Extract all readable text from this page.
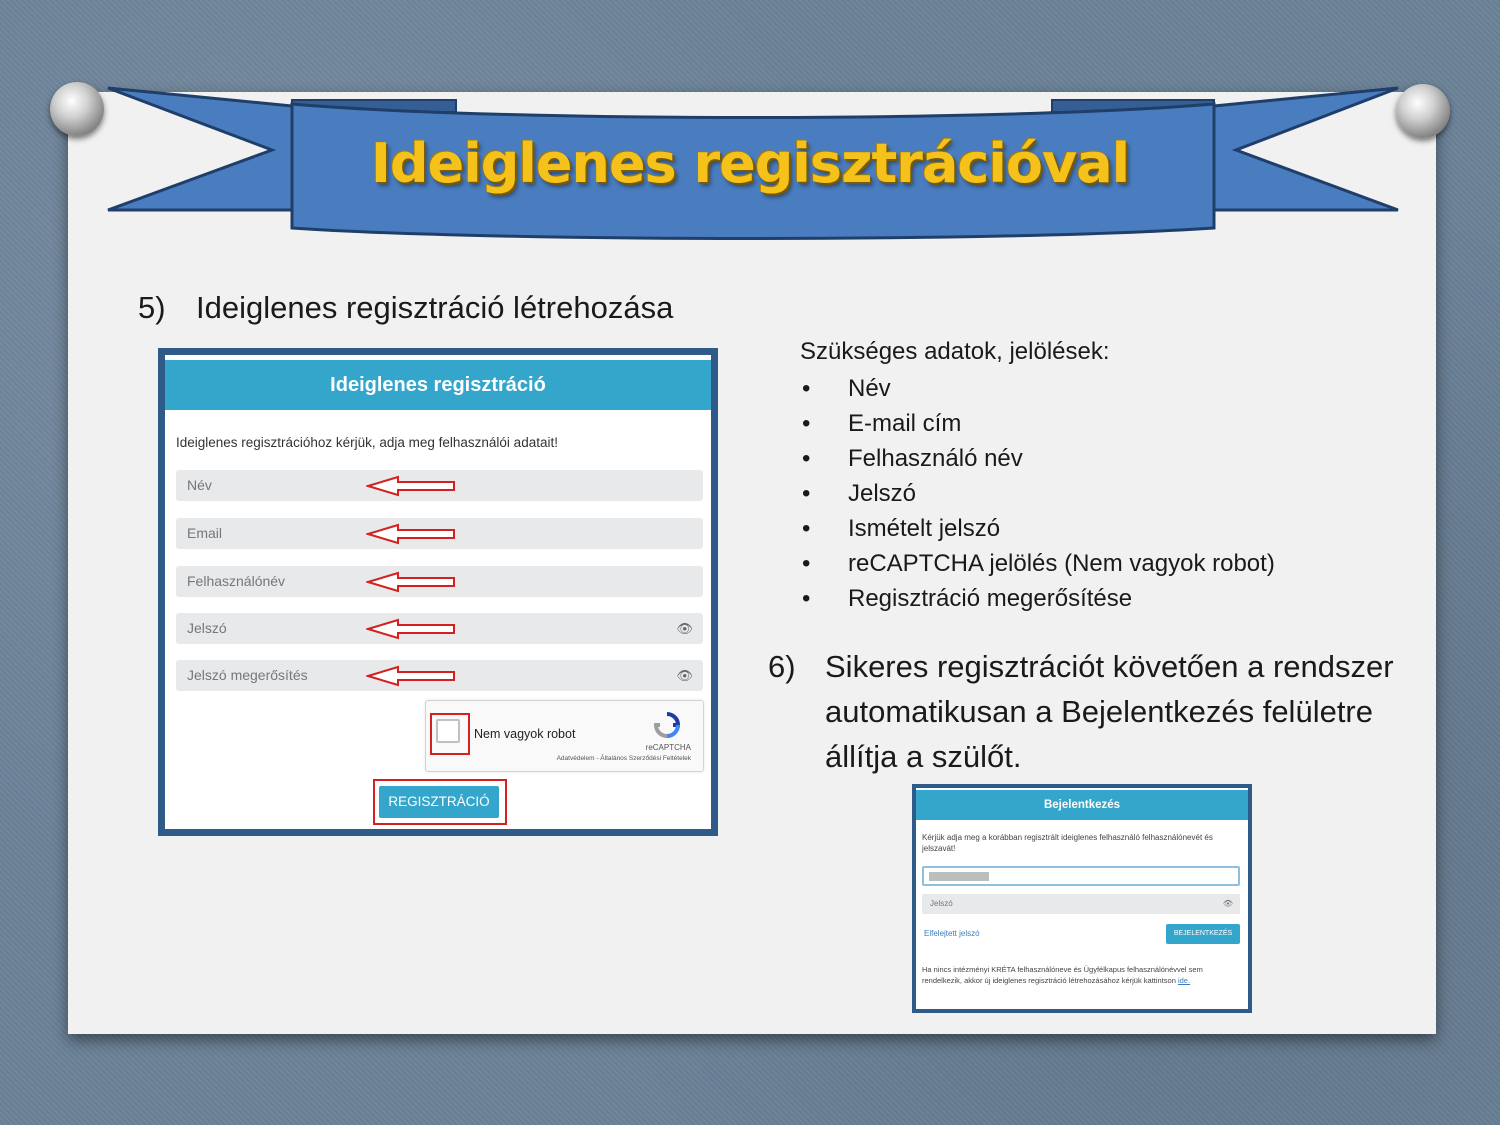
Ideiglenes regisztrációval
5) Ideiglenes regisztráció létrehozása
Ideiglenes regisztráció
Ideiglenes regisztrációhoz kérjük, adja meg felhasználói adatait!
Név
Email
Felhasználónév
Jelszó	👁
Jelszó megerősítés	👁
Nem vagyok robot
reCAPTCHA
Adatvédelem - Általános Szerződési Feltételek
REGISZTRÁCIÓ
Szükséges adatok, jelölések:
• Név
• E-mail cím
• Felhasználó név
• Jelszó
• Ismételt jelszó
• reCAPTCHA jelölés (Nem vagyok robot)
• Regisztráció megerősítése
6) Sikeres regisztrációt követően a rendszer automatikusan a Bejelentkezés felületre állítja a szülőt.
Bejelentkezés
Kérjük adja meg a korábban regisztrált ideiglenes felhasználó felhasználónevét és jelszavát!
Jelszó	👁
Elfelejtett jelszó	BEJELENTKEZÉS
Ha nincs intézményi KRÉTA felhasználóneve és Ügyfélkapus felhasználónévvel sem rendelkezik, akkor új ideiglenes regisztráció létrehozásához kérjük kattintson ide.
